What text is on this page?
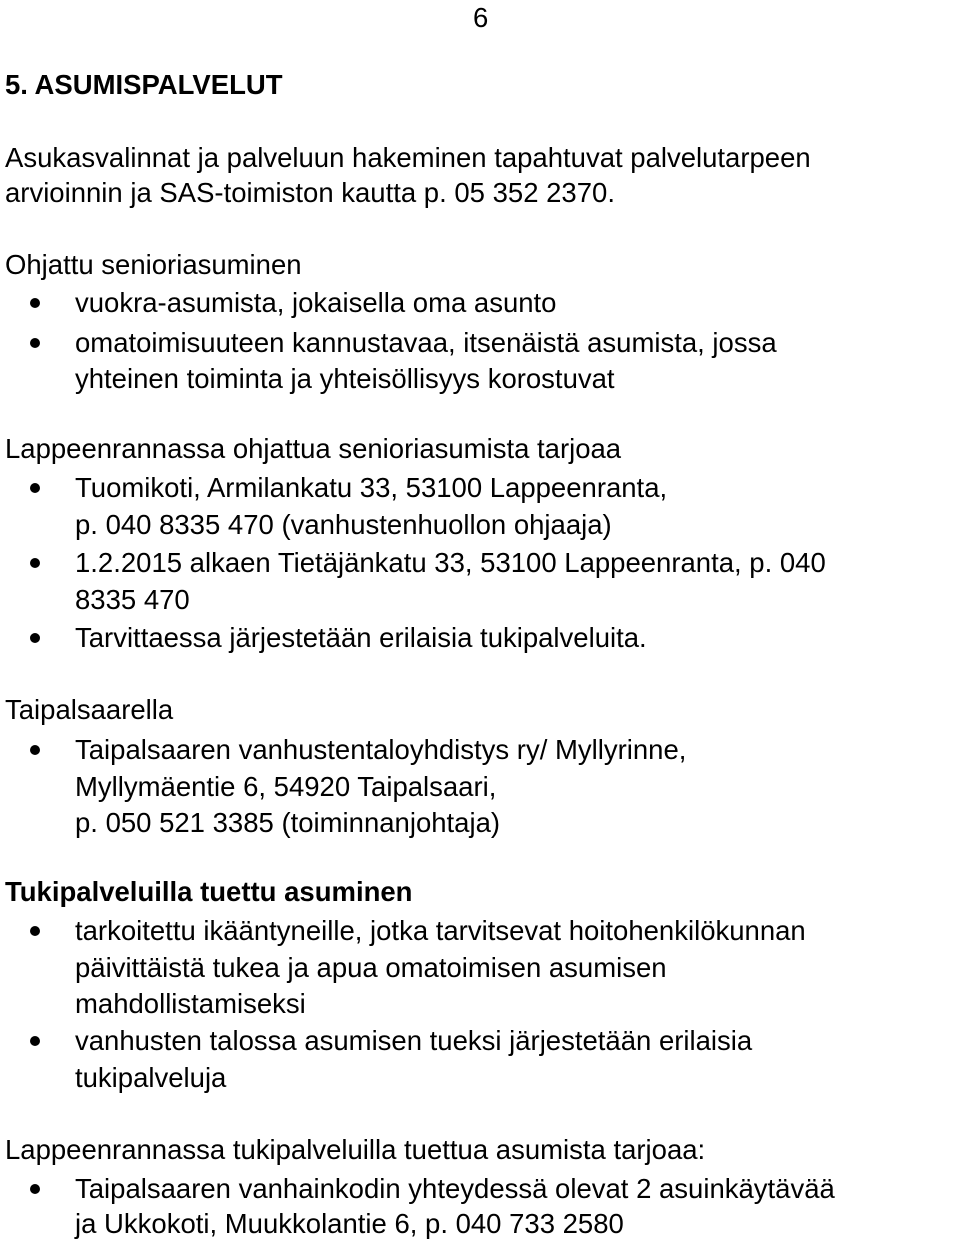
6
5. ASUMISPALVELUT
Asukasvalinnat ja palveluun hakeminen tapahtuvat palvelutarpeen
arvioinnin ja SAS-toimiston kautta p. 05 352 2370.
Ohjattu senioriasuminen
vuokra-asumista, jokaisella oma asunto
omatoimisuuteen kannustavaa, itsenäistä asumista, jossa
yhteinen toiminta ja yhteisöllisyys korostuvat
Lappeenrannassa ohjattua senioriasumista tarjoaa
Tuomikoti, Armilankatu 33, 53100 Lappeenranta,
p. 040 8335 470 (vanhustenhuollon ohjaaja)
1.2.2015 alkaen Tietäjänkatu 33, 53100 Lappeenranta, p. 040
8335 470
Tarvittaessa järjestetään erilaisia tukipalveluita.
Taipalsaarella
Taipalsaaren vanhustentaloyhdistys ry/ Myllyrinne,
Myllymäentie 6, 54920 Taipalsaari,
p. 050 521 3385 (toiminnanjohtaja)
Tukipalveluilla tuettu asuminen
tarkoitettu ikääntyneille, jotka tarvitsevat hoitohenkilökunnan
päivittäistä tukea ja apua omatoimisen asumisen
mahdollistamiseksi
vanhusten talossa asumisen tueksi järjestetään erilaisia
tukipalveluja
Lappeenrannassa tukipalveluilla tuettua asumista tarjoaa:
Taipalsaaren vanhainkodin yhteydessä olevat 2 asuinkäytävää
ja Ukkokoti, Muukkolantie 6, p. 040 733 2580
